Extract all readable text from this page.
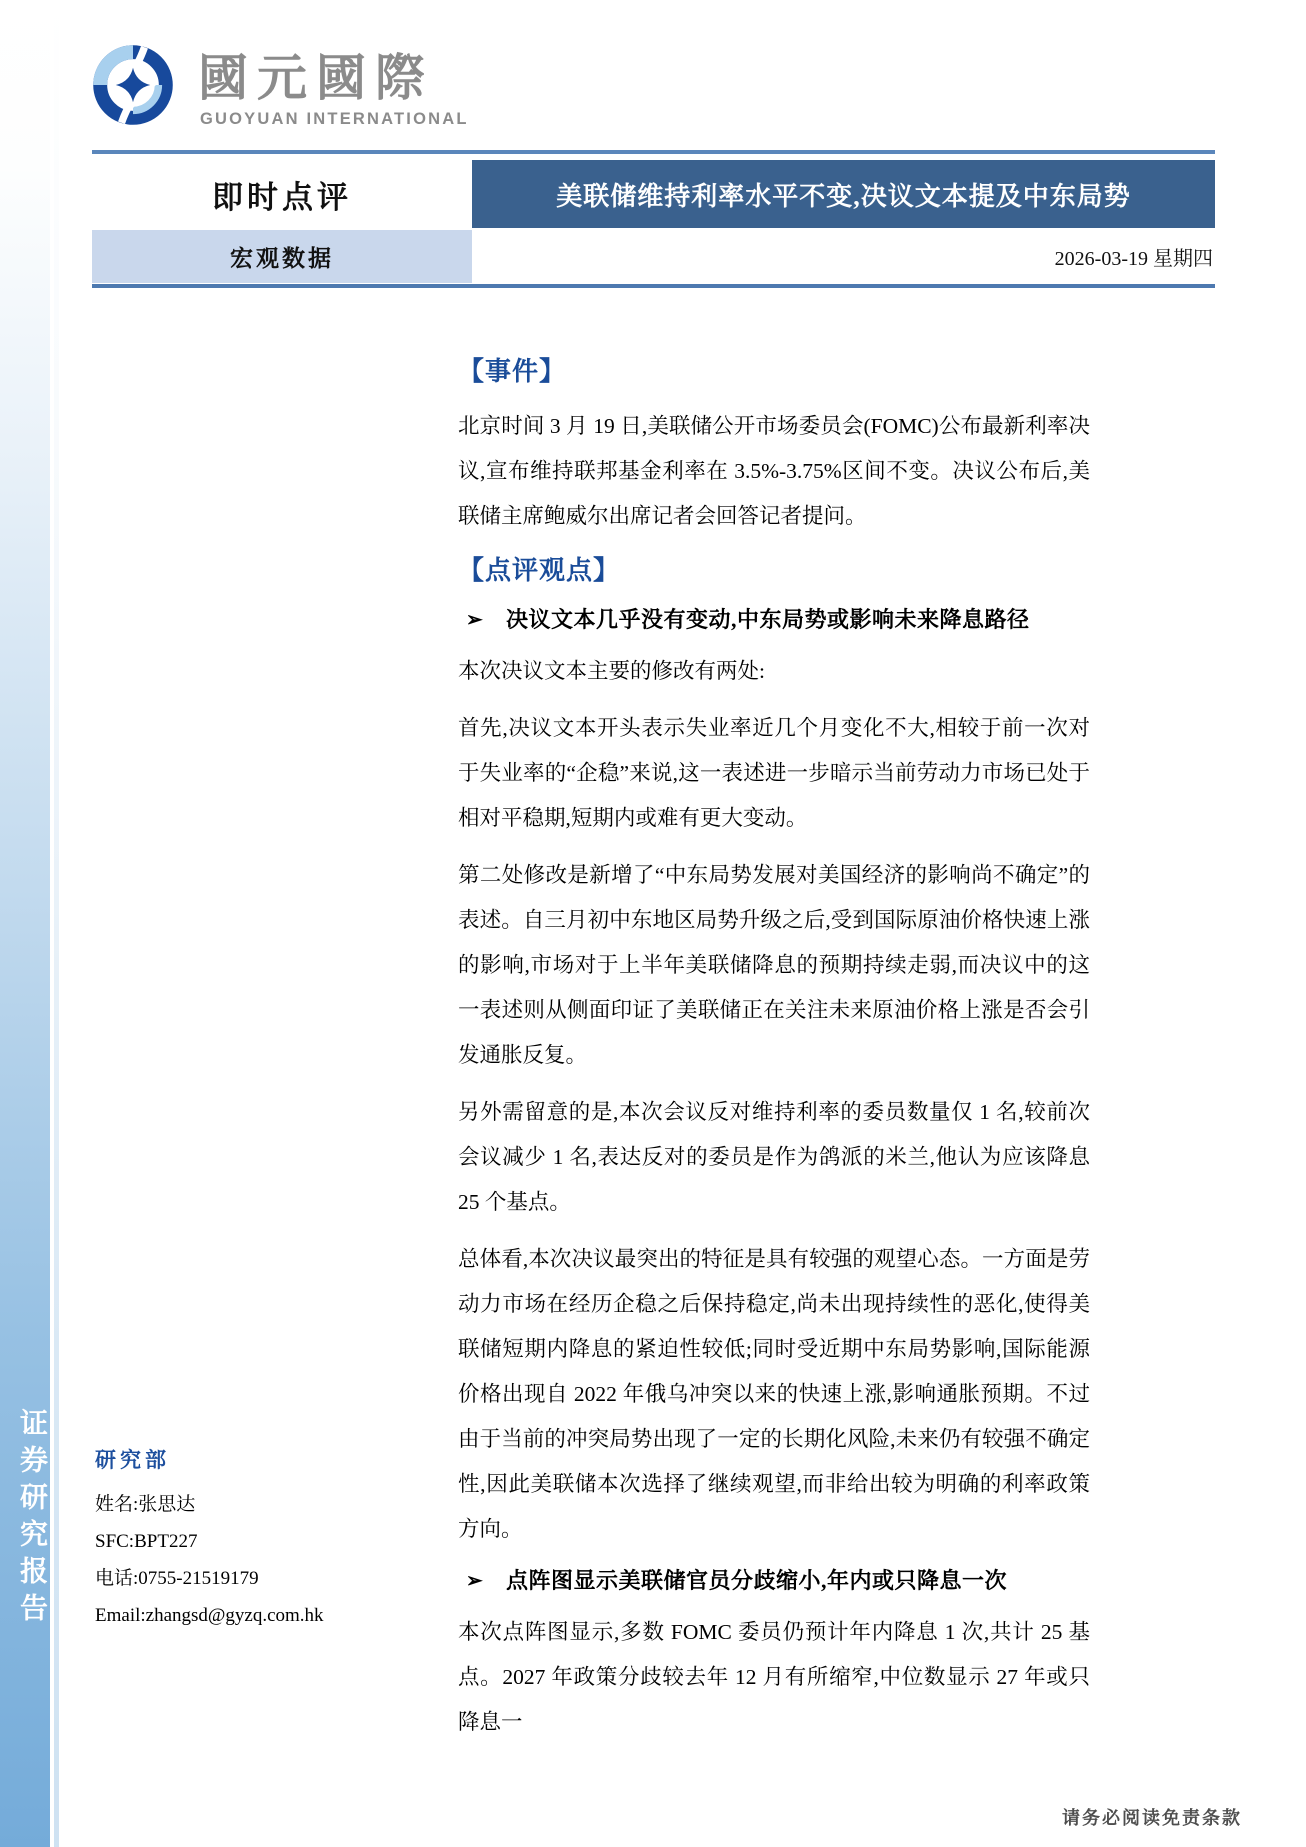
证券研究报告
國元國際
GUOYUAN INTERNATIONAL
即时点评	美联储维持利率水平不变,决议文本提及中东局势
宏观数据	2026-03-19 星期四
【事件】

北京时间 3 月 19 日,美联储公开市场委员会(FOMC)公布最新利率决议,宣布维持联邦基金利率在 3.5%-3.75%区间不变。决议公布后,美联储主席鲍威尔出席记者会回答记者提问。

【点评观点】
➢	决议文本几乎没有变动,中东局势或影响未来降息路径

本次决议文本主要的修改有两处:

首先,决议文本开头表示失业率近几个月变化不大,相较于前一次对于失业率的“企稳”来说,这一表述进一步暗示当前劳动力市场已处于相对平稳期,短期内或难有更大变动。

第二处修改是新增了“中东局势发展对美国经济的影响尚不确定”的表述。自三月初中东地区局势升级之后,受到国际原油价格快速上涨的影响,市场对于上半年美联储降息的预期持续走弱,而决议中的这一表述则从侧面印证了美联储正在关注未来原油价格上涨是否会引发通胀反复。

另外需留意的是,本次会议反对维持利率的委员数量仅 1 名,较前次会议减少 1 名,表达反对的委员是作为鸽派的米兰,他认为应该降息 25 个基点。

总体看,本次决议最突出的特征是具有较强的观望心态。一方面是劳动力市场在经历企稳之后保持稳定,尚未出现持续性的恶化,使得美联储短期内降息的紧迫性较低;同时受近期中东局势影响,国际能源价格出现自 2022 年俄乌冲突以来的快速上涨,影响通胀预期。不过由于当前的冲突局势出现了一定的长期化风险,未来仍有较强不确定性,因此美联储本次选择了继续观望,而非给出较为明确的利率政策方向。

➢	点阵图显示美联储官员分歧缩小,年内或只降息一次

本次点阵图显示,多数 FOMC 委员仍预计年内降息 1 次,共计 25 基点。2027 年政策分歧较去年 12 月有所缩窄,中位数显示 27 年或只降息一

研究部
姓名:张思达
SFC:BPT227
电话:0755-21519179
Email:zhangsd@gyzq.com.hk
请务必阅读免责条款
